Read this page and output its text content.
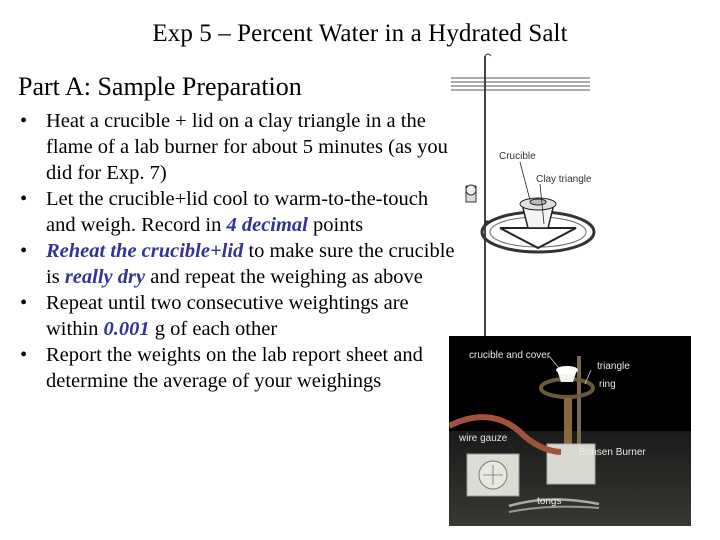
Exp 5 – Percent Water in a Hydrated Salt
Part A: Sample Preparation
• Heat a crucible + lid on a clay triangle in a the flame of a lab burner for about 5 minutes (as you did for Exp. 7)
• Let the crucible+lid cool to warm-to-the-touch and weigh. Record in 4 decimal points
• Reheat the crucible+lid to make sure the crucible is really dry and repeat the weighing as above
• Repeat until two consecutive weightings are within 0.001 g of each other
• Report the weights on the lab report sheet and determine the average of your weighings
Crucible
Clay triangle
crucible and cover
triangle
ring
wire gauze
Bunsen Burner
tongs
